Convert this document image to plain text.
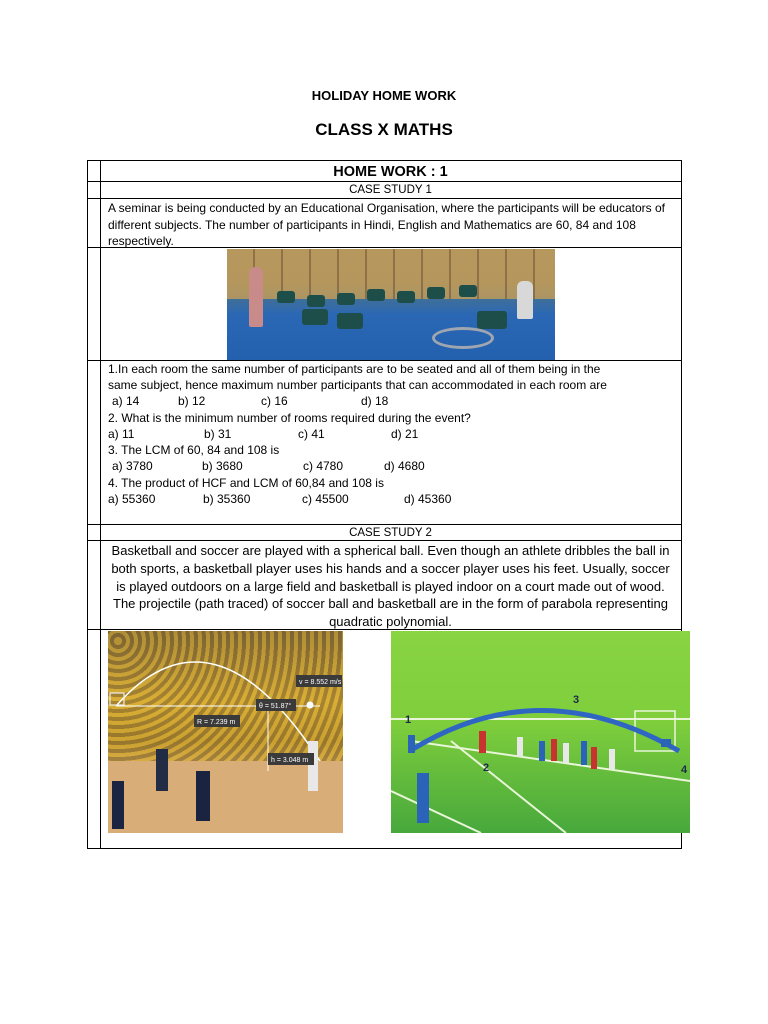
HOLIDAY HOME WORK
CLASS X MATHS
HOME WORK : 1
CASE STUDY 1
A seminar is being conducted by an Educational Organisation, where the participants will be educators of different subjects. The number of participants in Hindi, English and Mathematics are 60, 84 and 108 respectively.
1.In each room the same number of participants are to be seated and all of them being in the
same subject, hence maximum number participants that can accommodated in each room are
a) 14	b) 12	c) 16	d) 18
2. What is the minimum number of rooms required during the event?
a) 11	b) 31	c) 41	d) 21
3. The LCM of 60, 84 and 108 is
a) 3780	b) 3680	c) 4780	d) 4680
4. The product of HCF and LCM of 60,84 and 108 is
a) 55360	b) 35360	c) 45500	d) 45360
CASE STUDY 2
Basketball and soccer are played with a spherical ball. Even though an athlete dribbles the ball in both sports, a basketball player uses his hands and a soccer player uses his feet. Usually, soccer is played outdoors on a large field and basketball is played indoor on a court made out of wood. The projectile (path traced) of soccer ball and basketball are in the form of parabola representing quadratic polynomial.
v = 8.552 m/s
θ = 51.87°
R = 7.239 m
h = 3.048 m
1
2
3
4
